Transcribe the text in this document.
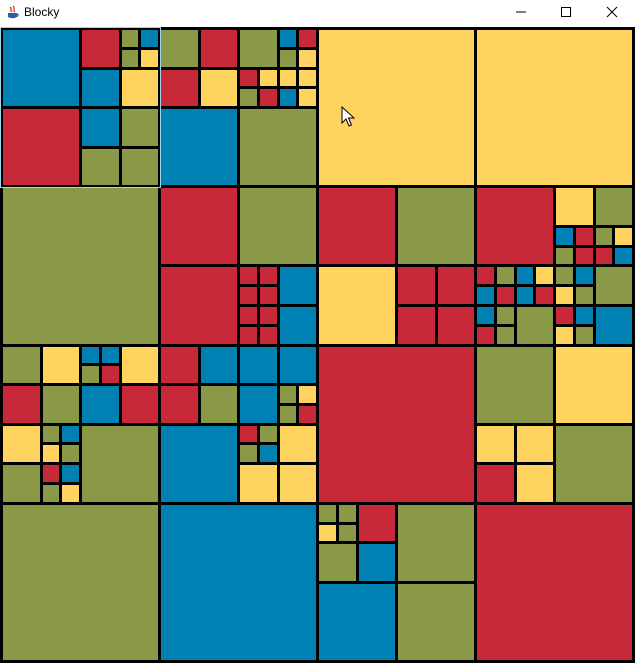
Blocky
